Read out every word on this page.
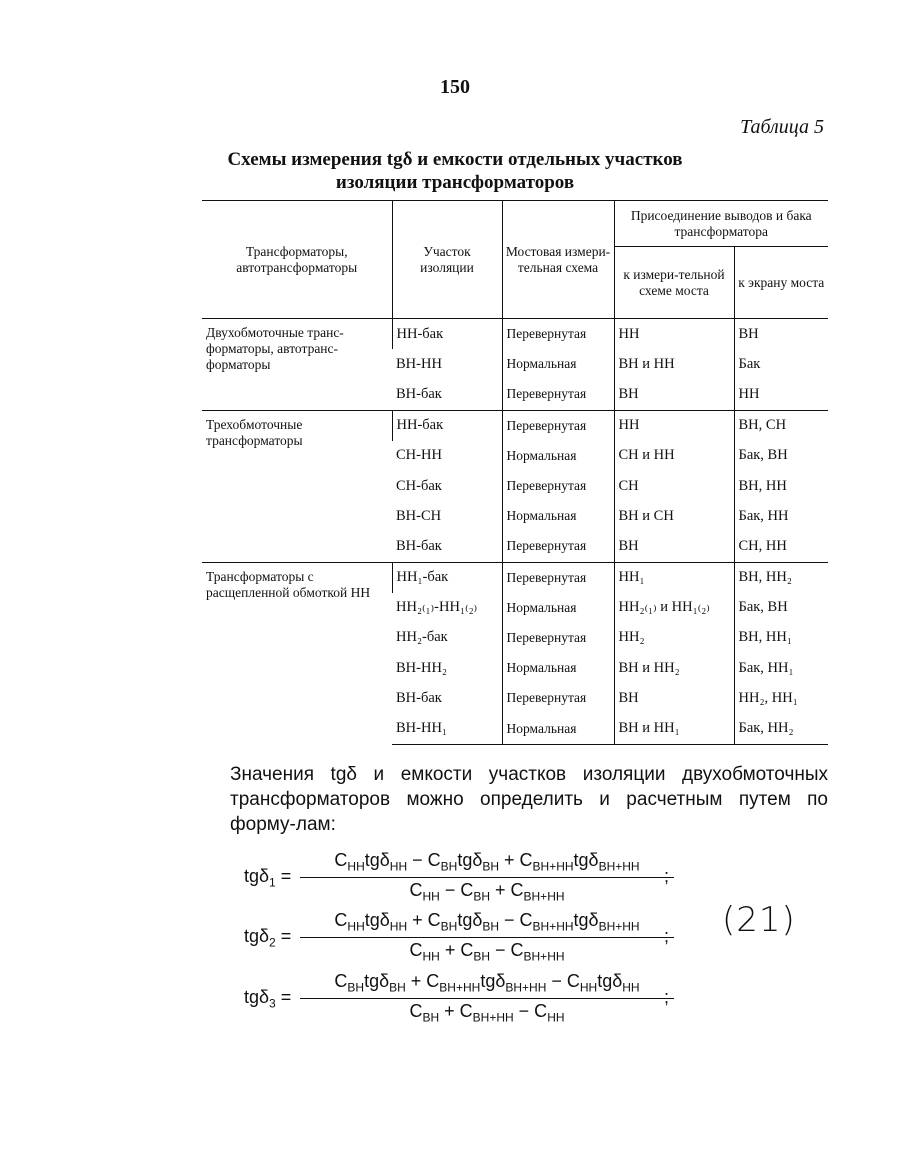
150
Таблица 5
Схемы измерения tgδ и емкости отдельных участков
изоляции трансформаторов
Трансформаторы, автотрансформаторы	Участок изоляции	Мостовая измери-тельная схема	Присоединение выводов и бака трансформатора	
			к измери-тельной схеме моста	к экрану моста
Двухобмоточные транс-форматоры, автотранс-форматоры	НН-бак	Перевернутая	НН	ВН
	ВН-НН	Нормальная	ВН и НН	Бак
	ВН-бак	Перевернутая	ВН	НН
Трехобмоточные трансформаторы	НН-бак	Перевернутая	НН	ВН, СН
	СН-НН	Нормальная	СН и НН	Бак, ВН
	СН-бак	Перевернутая	СН	ВН, НН
	ВН-СН	Нормальная	ВН и СН	Бак, НН
	ВН-бак	Перевернутая	ВН	СН, НН
Трансформаторы с расщепленной обмоткой НН	НН₁-бак	Перевернутая	НН₁	ВН, НН₂
	НН₂₍₁₎-НН₁₍₂₎	Нормальная	НН₂₍₁₎ и НН₁₍₂₎	Бак, ВН
	НН₂-бак	Перевернутая	НН₂	ВН, НН₁
	ВН-НН₂	Нормальная	ВН и НН₂	Бак, НН₁
	ВН-бак	Перевернутая	ВН	НН₂, НН₁
	ВН-НН₁	Нормальная	ВН и НН₁	Бак, НН₂
Значения tgδ и емкости участков изоляции двухобмоточных трансформаторов можно определить и расчетным путем по форму-лам:
tgδ$_1$ =
$C_{НН}tg\delta_{НН} - C_{ВН}tg\delta_{ВН} + C_{ВН+НН}tg\delta_{ВН+НН}$
$C_{НН} - C_{ВН} + C_{ВН+НН}$
;
tgδ$_2$ =
$C_{НН}tg\delta_{НН} + C_{ВН}tg\delta_{ВН} - C_{ВН+НН}tg\delta_{ВН+НН}$
$C_{НН} + C_{ВН} - C_{ВН+НН}$
;
tgδ$_3$ =
$C_{ВН}tg\delta_{ВН} + C_{ВН+НН}tg\delta_{ВН+НН} - C_{НН}tg\delta_{НН}$
$C_{ВН} + C_{ВН+НН} - C_{НН}$
;
(21)
